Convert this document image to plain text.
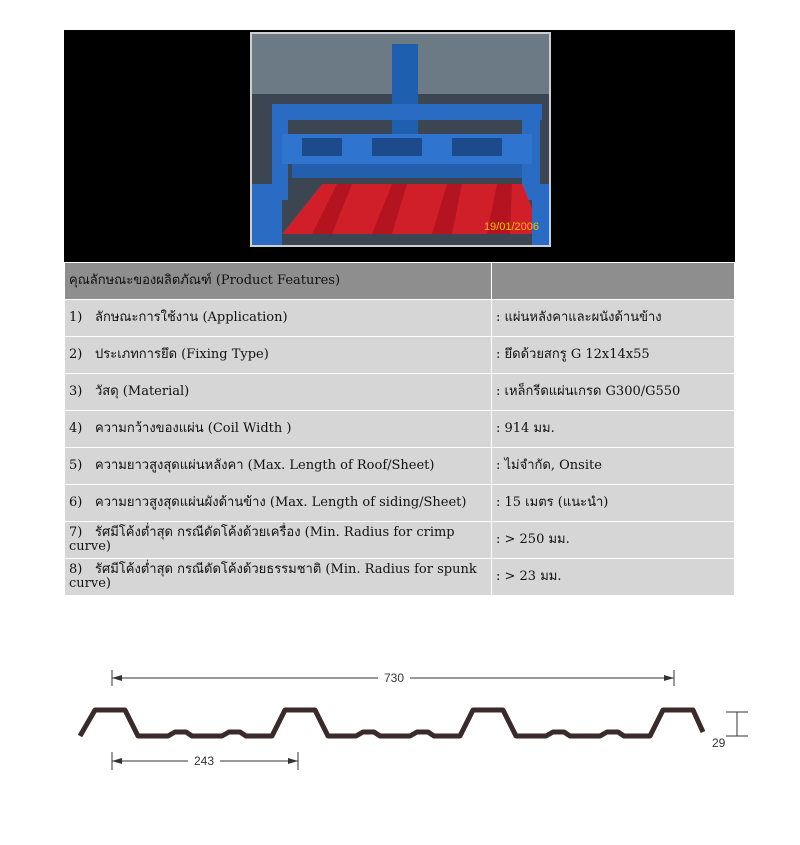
19/01/2006
คุณลักษณะของผลิตภัณฑ์ (Product Features)	
1) ลักษณะการใช้งาน (Application)	: แผ่นหลังคาและผนังด้านข้าง
2) ประเภทการยึด (Fixing Type)	: ยึดด้วยสกรู G 12x14x55
3) วัสดุ (Material)	: เหล็กรีดแผ่นเกรด G300/G550
4) ความกว้างของแผ่น (Coil Width )	: 914 มม.
5) ความยาวสูงสุดแผ่นหลังคา (Max. Length of Roof/Sheet)	: ไม่จำกัด, Onsite
6) ความยาวสูงสุดแผ่นผังด้านข้าง (Max. Length of siding/Sheet)	: 15 เมตร (แนะนำ)
7) รัศมีโค้งต่ำสุด กรณีดัดโค้งด้วยเครื่อง (Min. Radius for crimp curve)	: > 250 มม.
8) รัศมีโค้งต่ำสุด กรณีดัดโค้งด้วยธรรมชาติ (Min. Radius for spunk curve)	: > 23 มม.
730
29
243
